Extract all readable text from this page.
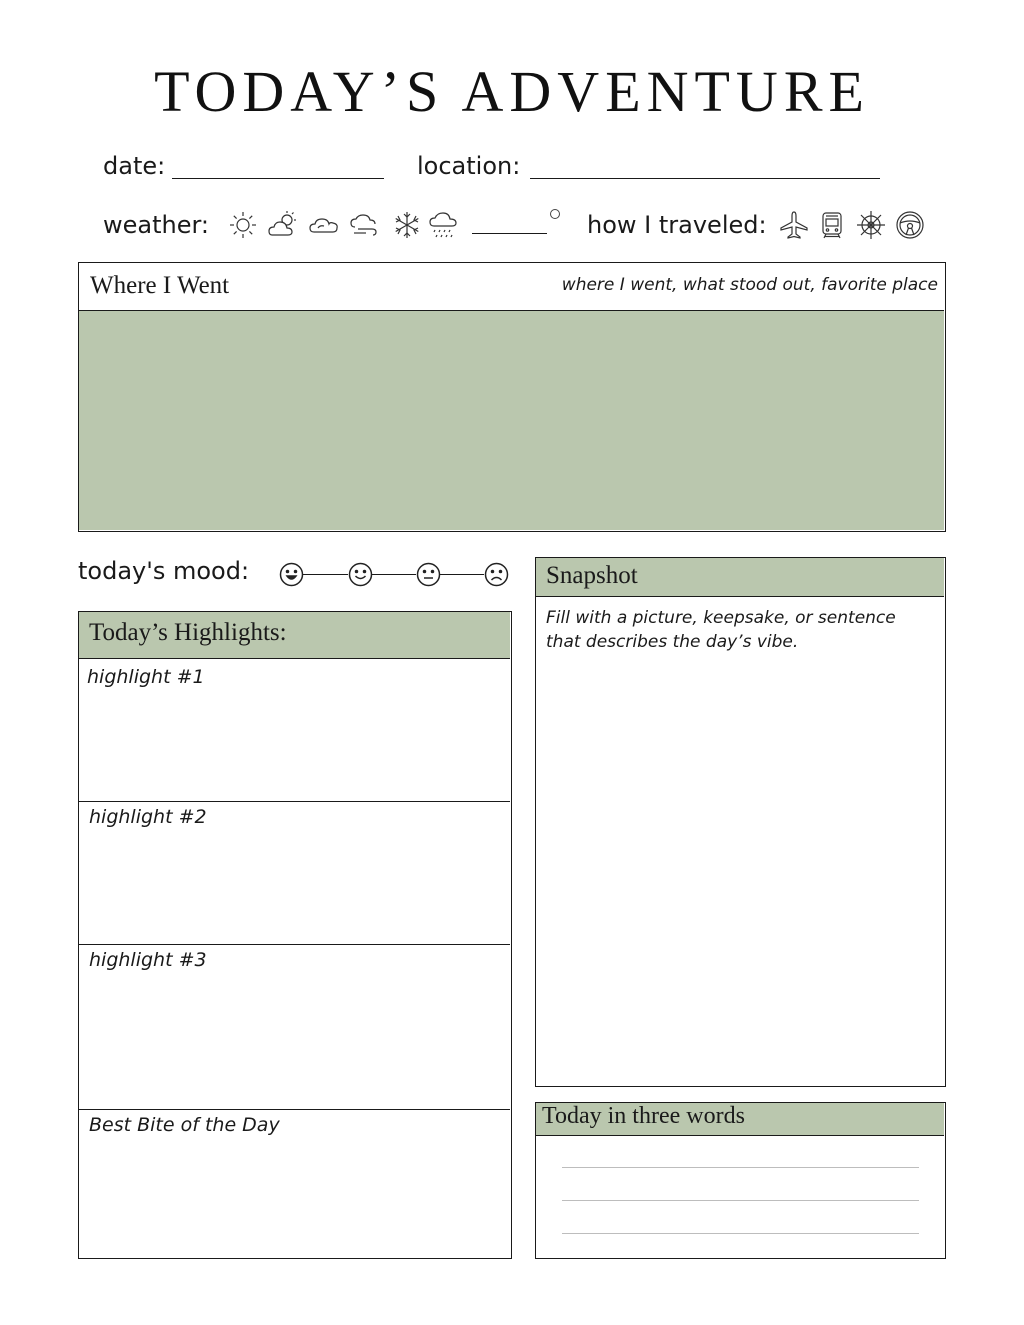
TODAY’S ADVENTURE
date:	location:
weather:	how I traveled:
Where I Went	where I went, what stood out, favorite place
today's mood:
Today’s Highlights:
highlight #1
highlight #2
highlight #3
Best Bite of the Day
Snapshot
Fill with a picture, keepsake, or sentence that describes the day’s vibe.
Today in three words
